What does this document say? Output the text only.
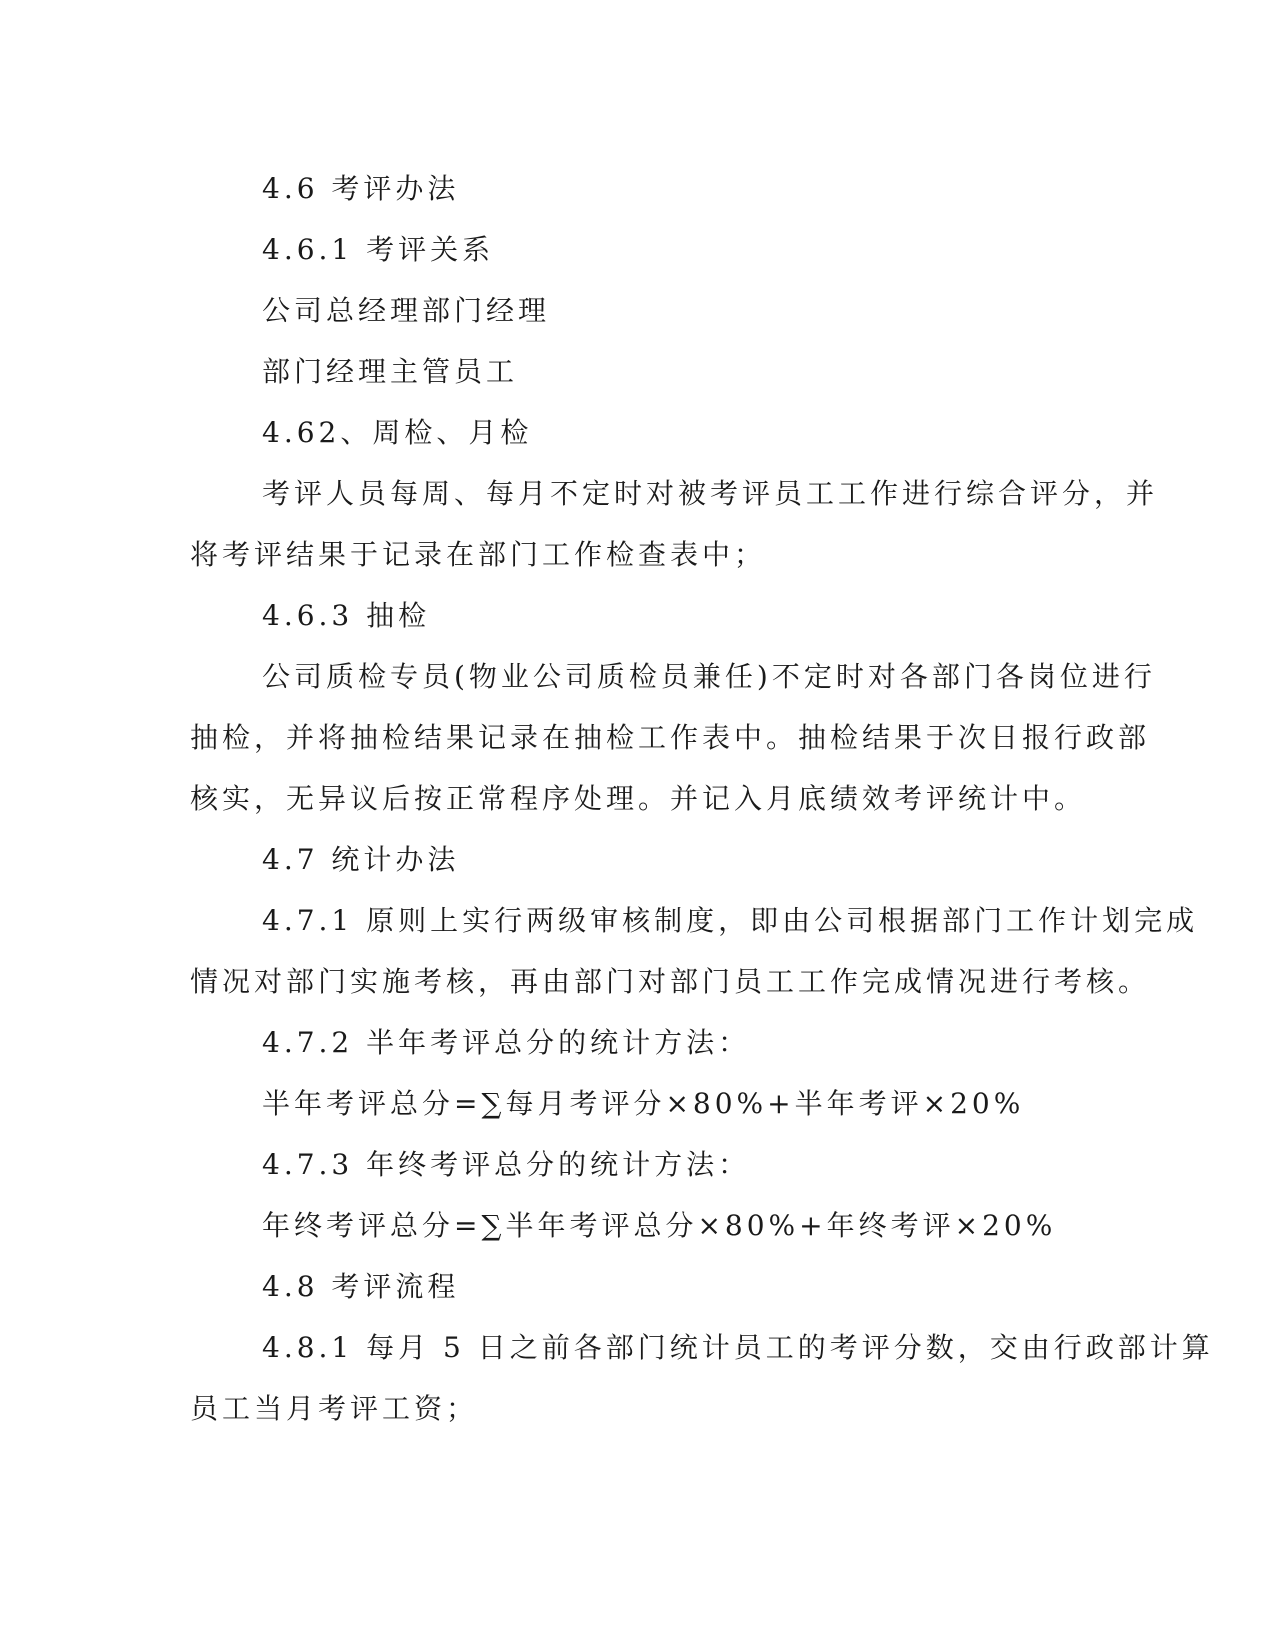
4.6 考评办法
4.6.1 考评关系
公司总经理部门经理
部门经理主管员工
4.62、周检、月检
考评人员每周、每月不定时对被考评员工工作进行综合评分，并
将考评结果于记录在部门工作检查表中；
4.6.3 抽检
公司质检专员(物业公司质检员兼任)不定时对各部门各岗位进行
抽检，并将抽检结果记录在抽检工作表中。抽检结果于次日报行政部
核实，无异议后按正常程序处理。并记入月底绩效考评统计中。
4.7 统计办法
4.7.1 原则上实行两级审核制度，即由公司根据部门工作计划完成
情况对部门实施考核，再由部门对部门员工工作完成情况进行考核。
4.7.2 半年考评总分的统计方法：
半年考评总分=∑每月考评分×80%+半年考评×20%
4.7.3 年终考评总分的统计方法：
年终考评总分=∑半年考评总分×80%+年终考评×20%
4.8 考评流程
4.8.1 每月 5 日之前各部门统计员工的考评分数，交由行政部计算
员工当月考评工资；
